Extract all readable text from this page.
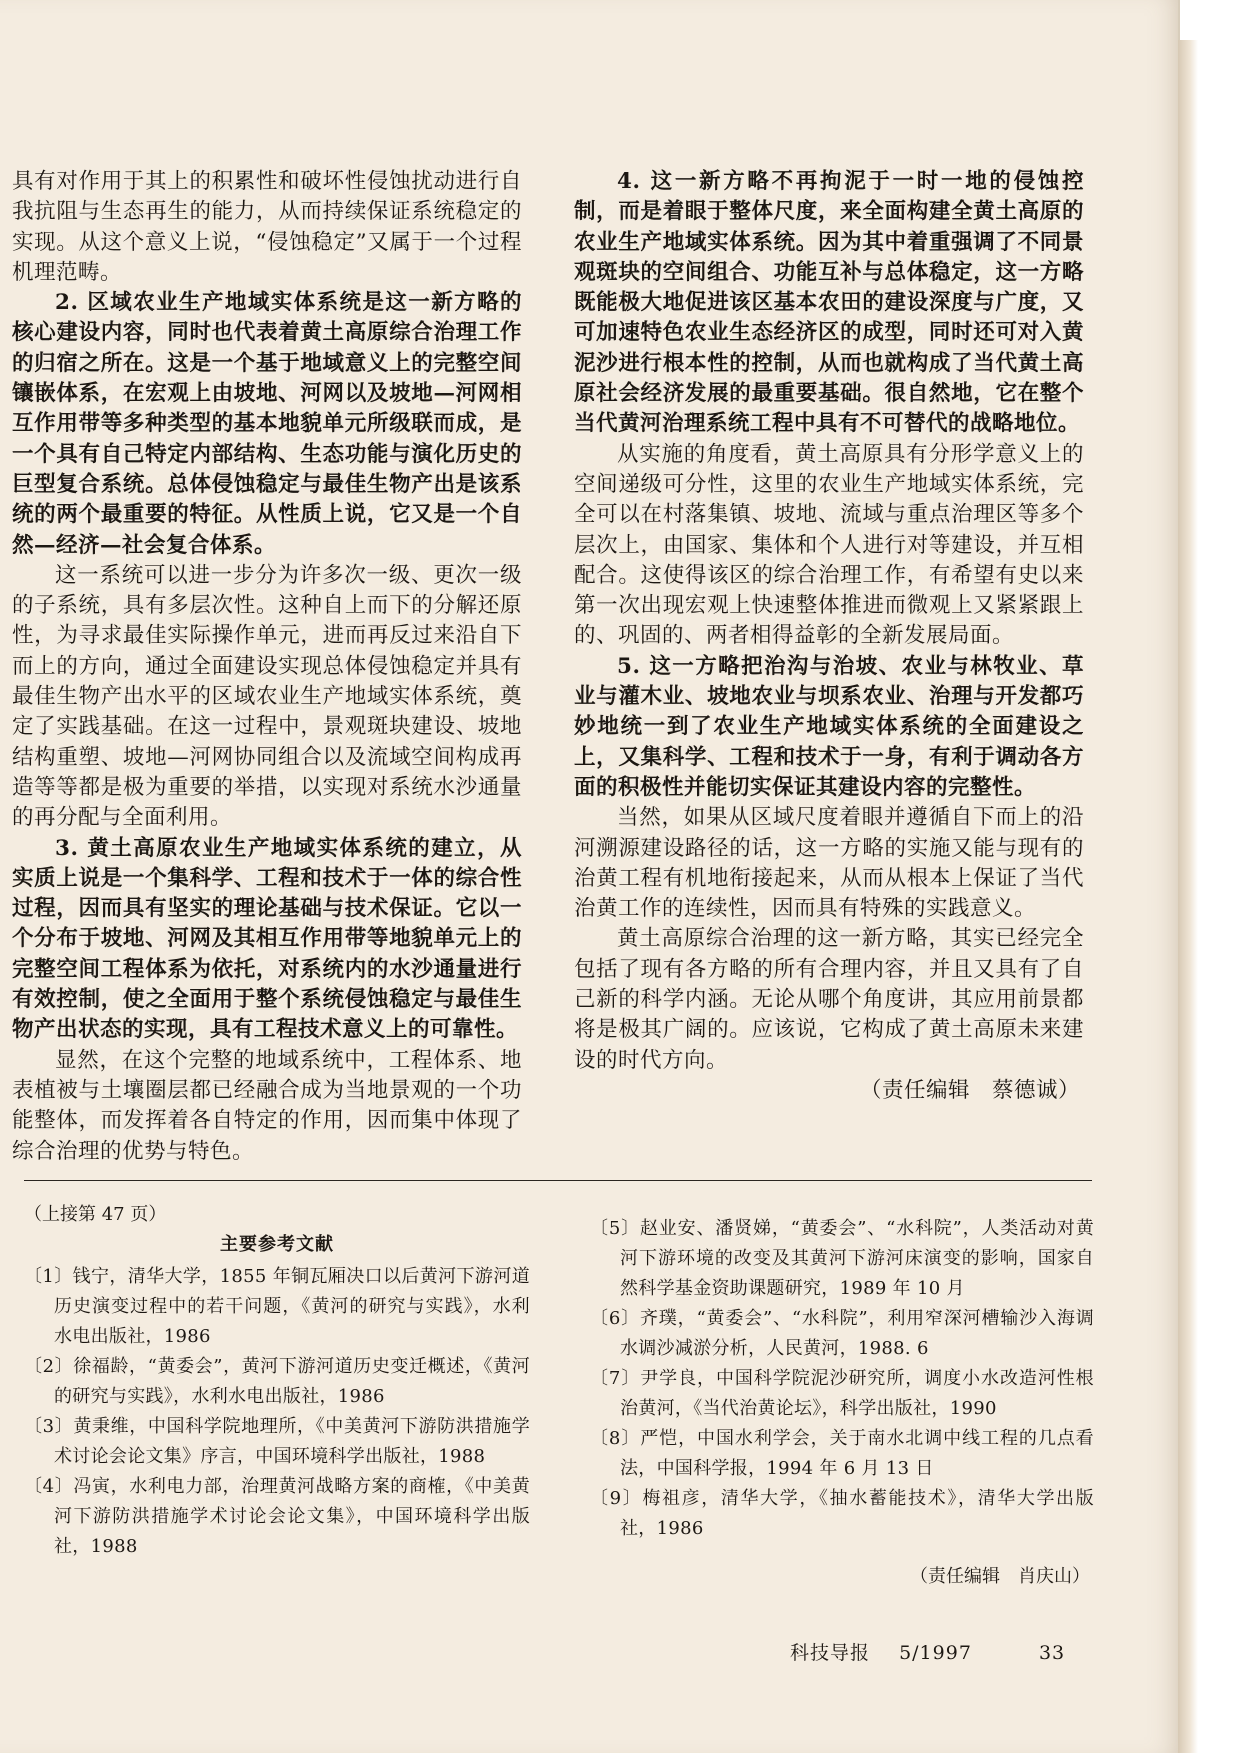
具有对作用于其上的积累性和破坏性侵蚀扰动进行自我抗阻与生态再生的能力，从而持续保证系统稳定的实现。从这个意义上说，“侵蚀稳定”又属于一个过程机理范畴。

2. 区域农业生产地域实体系统是这一新方略的核心建设内容，同时也代表着黄土高原综合治理工作的归宿之所在。这是一个基于地域意义上的完整空间镶嵌体系，在宏观上由坡地、河网以及坡地—河网相互作用带等多种类型的基本地貌单元所级联而成，是一个具有自己特定内部结构、生态功能与演化历史的巨型复合系统。总体侵蚀稳定与最佳生物产出是该系统的两个最重要的特征。从性质上说，它又是一个自然—经济—社会复合体系。

这一系统可以进一步分为许多次一级、更次一级的子系统，具有多层次性。这种自上而下的分解还原性，为寻求最佳实际操作单元，进而再反过来沿自下而上的方向，通过全面建设实现总体侵蚀稳定并具有最佳生物产出水平的区域农业生产地域实体系统，奠定了实践基础。在这一过程中，景观斑块建设、坡地结构重塑、坡地—河网协同组合以及流域空间构成再造等等都是极为重要的举措，以实现对系统水沙通量的再分配与全面利用。

3. 黄土高原农业生产地域实体系统的建立，从实质上说是一个集科学、工程和技术于一体的综合性过程，因而具有坚实的理论基础与技术保证。它以一个分布于坡地、河网及其相互作用带等地貌单元上的完整空间工程体系为依托，对系统内的水沙通量进行有效控制，使之全面用于整个系统侵蚀稳定与最佳生物产出状态的实现，具有工程技术意义上的可靠性。

显然，在这个完整的地域系统中，工程体系、地表植被与土壤圈层都已经融合成为当地景观的一个功能整体，而发挥着各自特定的作用，因而集中体现了综合治理的优势与特色。

4. 这一新方略不再拘泥于一时一地的侵蚀控制，而是着眼于整体尺度，来全面构建全黄土高原的农业生产地域实体系统。因为其中着重强调了不同景观斑块的空间组合、功能互补与总体稳定，这一方略既能极大地促进该区基本农田的建设深度与广度，又可加速特色农业生态经济区的成型，同时还可对入黄泥沙进行根本性的控制，从而也就构成了当代黄土高原社会经济发展的最重要基础。很自然地，它在整个当代黄河治理系统工程中具有不可替代的战略地位。

从实施的角度看，黄土高原具有分形学意义上的空间递级可分性，这里的农业生产地域实体系统，完全可以在村落集镇、坡地、流域与重点治理区等多个层次上，由国家、集体和个人进行对等建设，并互相配合。这使得该区的综合治理工作，有希望有史以来第一次出现宏观上快速整体推进而微观上又紧紧跟上的、巩固的、两者相得益彰的全新发展局面。

5. 这一方略把治沟与治坡、农业与林牧业、草业与灌木业、坡地农业与坝系农业、治理与开发都巧妙地统一到了农业生产地域实体系统的全面建设之上，又集科学、工程和技术于一身，有利于调动各方面的积极性并能切实保证其建设内容的完整性。

当然，如果从区域尺度着眼并遵循自下而上的沿河溯源建设路径的话，这一方略的实施又能与现有的治黄工程有机地衔接起来，从而从根本上保证了当代治黄工作的连续性，因而具有特殊的实践意义。

黄土高原综合治理的这一新方略，其实已经完全包括了现有各方略的所有合理内容，并且又具有了自己新的科学内涵。无论从哪个角度讲，其应用前景都将是极其广阔的。应该说，它构成了黄土高原未来建设的时代方向。

（责任编辑　蔡德诚）

（上接第 47 页）

主要参考文献

〔1〕钱宁，清华大学，1855 年铜瓦厢决口以后黄河下游河道历史演变过程中的若干问题，《黄河的研究与实践》，水利水电出版社，1986

〔2〕徐福龄，“黄委会”，黄河下游河道历史变迁概述，《黄河的研究与实践》，水利水电出版社，1986

〔3〕黄秉维，中国科学院地理所，《中美黄河下游防洪措施学术讨论会论文集》序言，中国环境科学出版社，1988

〔4〕冯寅，水利电力部，治理黄河战略方案的商榷，《中美黄河下游防洪措施学术讨论会论文集》，中国环境科学出版社，1988

〔5〕赵业安、潘贤娣，“黄委会”、“水科院”，人类活动对黄河下游环境的改变及其黄河下游河床演变的影响，国家自然科学基金资助课题研究，1989 年 10 月

〔6〕齐璞，“黄委会”、“水科院”，利用窄深河槽输沙入海调水调沙减淤分析，人民黄河，1988. 6

〔7〕尹学良，中国科学院泥沙研究所，调度小水改造河性根治黄河，《当代治黄论坛》，科学出版社，1990

〔8〕严恺，中国水利学会，关于南水北调中线工程的几点看法，中国科学报，1994 年 6 月 13 日

〔9〕梅祖彦，清华大学，《抽水蓄能技术》，清华大学出版社，1986

（责任编辑　肖庆山）

科技导报 5/1997	33
